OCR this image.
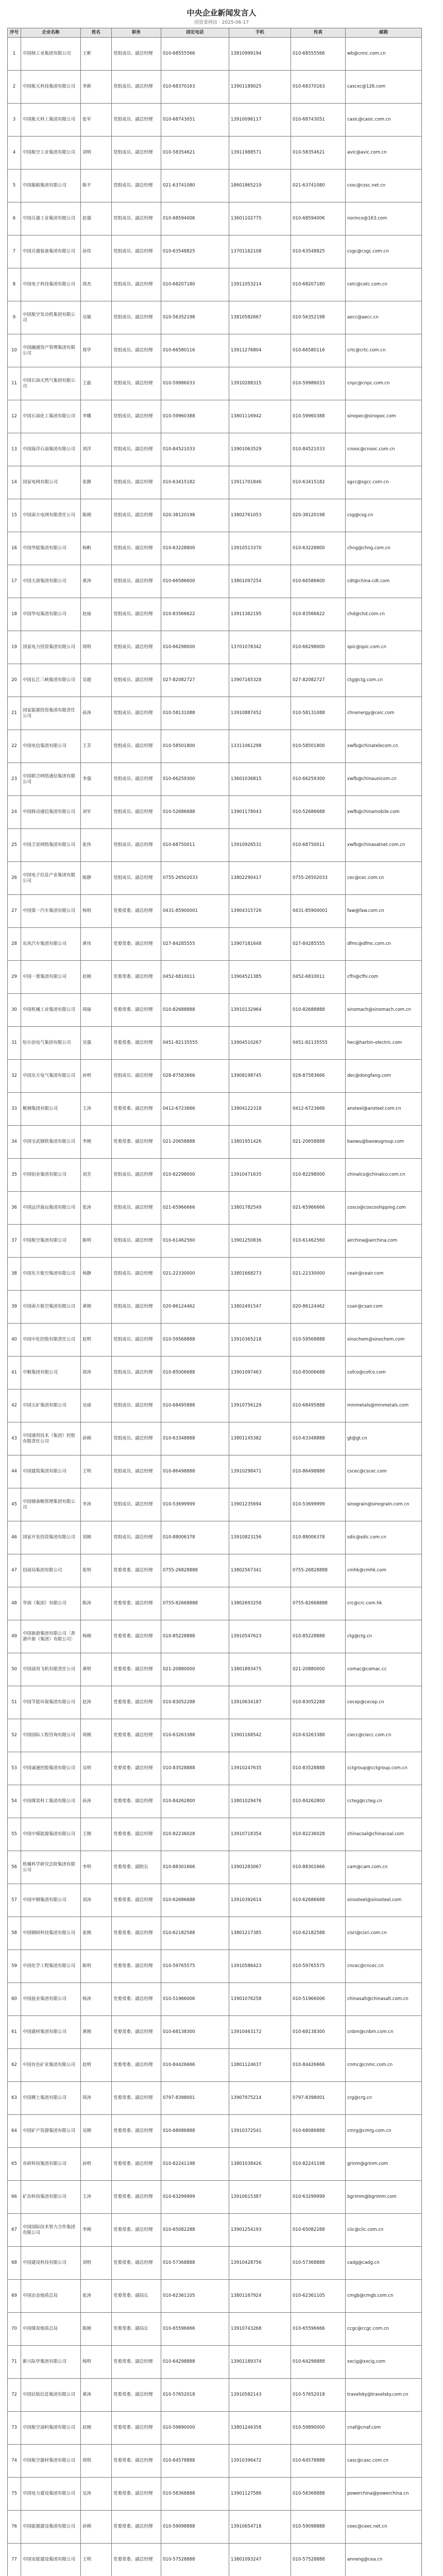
中央企业新闻发言人
国资委网站 · 2025-06-17
序号	企业名称	姓名	职务	固定电话	手机	传真	邮箱
1	中国核工业集团有限公司	王彬	党组成员、副总经理	010-68555566	13810999194	010-68555566	wb@cnnc.com.cn
2	中国航天科技集团有限公司	李新	党组成员、副总经理	010-68370163	13901189025	010-68370163	cascxc@126.com
3	中国航天科工集团有限公司	张军	党组成员、副总经理	010-68743051	13910096117	010-68743051	casic@casic.com.cn
4	中国航空工业集团有限公司	刘明	党组成员、副总经理	010-58354621	13911988571	010-58354621	avic@avic.com.cn
5	中国船舶集团有限公司	陈平	党组成员、副总经理	021-63741080	18601865219	021-63741080	cssc@cssc.net.cn
6	中国兵器工业集团有限公司	赵强	党组成员、副总经理	010-68594006	13601102775	010-68594006	norinco@163.com
7	中国兵器装备集团有限公司	孙伟	党组成员、副总经理	010-63548825	13701162108	010-63548825	csgc@csgc.com.cn
8	中国电子科技集团有限公司	周杰	党组成员、副总经理	010-68207180	13911053214	010-68207180	cetc@cetc.com.cn
9	中国航空发动机集团有限公司	吴敏	党组成员、副总经理	010-56352198	13810582667	010-56352198	aecc@aecc.cn
10	中国融通资产管理集团有限公司	郑华	党组成员、副总经理	010-66580116	13911276804	010-66580116	crtc@crtc.com.cn
11	中国石油天然气集团有限公司	王磊	党组成员、副总经理	010-59986033	13910288315	010-59986033	cnpc@cnpc.com.cn
12	中国石油化工集团有限公司	李娜	党组成员、副总经理	010-59960388	13801116942	010-59960388	sinopec@sinopec.com
13	中国海洋石油集团有限公司	刘洋	党组成员、副总经理	010-84521033	13901063529	010-84521033	cnooc@cnooc.com.cn
14	国家电网有限公司	张静	党组成员、副总经理	010-63415182	13911701846	010-63415182	sgcc@sgcc.com.cn
15	中国南方电网有限责任公司	陈刚	党组成员、副总经理	020-38120198	13802761053	020-38120198	csg@csg.cn
16	中国华能集团有限公司	杨帆	党组成员、副总经理	010-63228800	13910513370	010-63228800	chng@chng.com.cn
17	中国大唐集团有限公司	黄涛	党组成员、副总经理	010-66586600	13801097254	010-66586600	cdt@china-cdt.com
18	中国华电集团有限公司	赵丽	党组成员、副总经理	010-83566622	13911362195	010-83566622	chd@chd.com.cn
19	国家电力投资集团有限公司	周明	党组成员、副总经理	010-66298000	13701078342	010-66298000	spic@spic.com.cn
20	中国长江三峡集团有限公司	吴超	党组成员、副总经理	027-82082727	13907165328	027-82082727	ctg@ctg.com.cn
21	国家能源投资集团有限责任公司	孙涛	党组成员、副总经理	010-58131088	13910887452	010-58131088	chnenergy@ceic.com
22	中国电信集团有限公司	王芳	党组成员、副总经理	010-58501800	13311061298	010-58501800	xwfb@chinatelecom.cn
23	中国联合网络通信集团有限公司	李强	党组成员、副总经理	010-66259300	13601036815	010-66259300	xwfb@chinaunicom.cn
24	中国移动通信集团有限公司	刘军	党组成员、副总经理	010-52686688	13901178043	010-52686688	xwfb@chinamobile.com
25	中国卫星网络集团有限公司	张伟	党组成员、副总经理	010-68750011	13910926531	010-68750011	xwfb@chinasatnet.com.cn
26	中国电子信息产业集团有限公司	陈静	党组成员、副总经理	0755-26502033	13802290417	0755-26502033	cec@cec.com.cn
27	中国第一汽车集团有限公司	杨明	党委常委、副总经理	0431-85900001	13904315726	0431-85900001	faw@faw.com.cn
28	东风汽车集团有限公司	黄伟	党委常委、副总经理	027-84285555	13907181648	027-84285555	dfmc@dfmc.com.cn
29	中国一重集团有限公司	赵刚	党委常委、副总经理	0452-6810011	13904521385	0452-6810011	cfhi@cfhi.com
30	中国机械工业集团有限公司	周丽	党委常委、副总经理	010-82688888	13910132964	010-82688888	sinomach@sinomach.com.cn
31	哈尔滨电气集团有限公司	吴强	党委常委、副总经理	0451-82135555	13904510267	0451-82135555	hec@harbin-electric.com
32	中国东方电气集团有限公司	孙明	党组成员、副总经理	028-87583666	13908198745	028-87583666	dec@dongfang.com
33	鞍钢集团有限公司	王涛	党委常委、副总经理	0412-6723666	13904122318	0412-6723666	ansteel@ansteel.com.cn
34	中国宝武钢铁集团有限公司	李刚	党委常委、副总经理	021-20658888	13801951426	021-20658888	baowu@baowugroup.com
35	中国铝业集团有限公司	刘芳	党组成员、副总经理	010-82298000	13910471635	010-82298000	chinalco@chinalco.com.cn
36	中国远洋海运集团有限公司	张涛	党组成员、副总经理	021-65966666	13801782549	021-65966666	cosco@coscoshipping.com
37	中国航空集团有限公司	陈明	党组成员、副总经理	010-61462560	13901250836	010-61462560	airchina@airchina.com
38	中国东方航空集团有限公司	杨静	党组成员、副总经理	021-22330000	13801668273	021-22330000	ceair@ceair.com
39	中国南方航空集团有限公司	黄刚	党组成员、副总经理	020-86124462	13802491547	020-86124462	csair@csair.com
40	中国中化控股有限责任公司	赵明	党组成员、副总经理	010-59568888	13910365218	010-59568888	sinochem@sinochem.com
41	中粮集团有限公司	周涛	党组成员、副总经理	010-85006688	13901097463	010-85006688	cofco@cofco.com
42	中国五矿集团有限公司	吴丽	党组成员、副总经理	010-68495888	13910756129	010-68495888	minmetals@minmetals.com
43	中国通用技术（集团）控股有限责任公司	孙刚	党组成员、副总经理	010-63348888	13801145382	010-63348888	gt@gt.cn
44	中国建筑集团有限公司	王明	党组成员、副总经理	010-86498888	13910298471	010-86498888	cscec@cscec.com
45	中国储备粮管理集团有限公司	李涛	党组成员、副总经理	010-53699999	13901235694	010-53699999	sinograin@sinograin.com.cn
46	国家开发投资集团有限公司	刘刚	党组成员、副总经理	010-88006378	13910823156	010-88006378	sdic@sdic.com.cn
47	招商局集团有限公司	张明	党委常委、副总经理	0755-26828888	13802567341	0755-26828888	cmhk@cmhk.com
48	华润（集团）有限公司	陈涛	党委常委、副总经理	0755-82668888	13802693258	0755-82668888	crc@crc.com.hk
49	中国旅游集团有限公司〔香港中旅（集团）有限公司〕	杨刚	党委常委、副总经理	010-85228888	13910547623	010-85228888	ctg@ctg.cn
50	中国商用飞机有限责任公司	黄明	党委常委、副总经理	021-20880000	13801893475	021-20880000	comac@comac.cc
51	中国节能环保集团有限公司	赵涛	党委常委、副总经理	010-83052288	13910634187	010-83052288	cecep@cecep.cn
52	中国国际工程咨询有限公司	周刚	党委常委、副总经理	010-63263388	13901168542	010-63263388	ciecc@ciecc.com.cn
53	中国诚通控股集团有限公司	吴明	党委常委、副总经理	010-83528888	13910247635	010-83528888	cctgroup@cctgroup.com.cn
54	中国煤炭科工集团有限公司	孙涛	党委常委、副总经理	010-84262800	13801029476	010-84262800	ccteg@ccteg.cn
55	中国中煤能源集团有限公司	王刚	党委常委、副总经理	010-82236028	13910718354	010-82236028	chinacoal@chinacoal.com
56	机械科学研究总院集团有限公司	李明	党委常委、副院长	010-88301666	13901283067	010-88301666	cam@cam.com.cn
57	中国中钢集团有限公司	刘涛	党委常委、副总经理	010-62686688	13910392614	010-62686688	sinosteel@sinosteel.com
58	中国钢研科技集团有限公司	张刚	党委常委、副总经理	010-62182588	13801217385	010-62182588	cisri@cisri.com.cn
59	中国化学工程集团有限公司	陈明	党委常委、副总经理	010-59765575	13910586423	010-59765575	cncec@cncec.cn
60	中国盐业集团有限公司	杨涛	党委常委、副总经理	010-51966006	13901076258	010-51966006	chinasalt@chinasalt.com.cn
61	中国建材集团有限公司	黄刚	党委常委、副总经理	010-68138300	13910463172	010-68138300	cnbm@cnbm.com.cn
62	中国有色矿业集团有限公司	赵明	党委常委、副总经理	010-84426666	13801124637	010-84426666	cnmc@cnmc.com.cn
63	中国稀土集团有限公司	周涛	党委常委、副总经理	0797-8398001	13907975214	0797-8398001	crg@crg.cn
64	中国矿产资源集团有限公司	吴刚	党委常委、副总经理	010-68086888	13910372541	010-68086888	cmrg@cmrg.com.cn
65	有研科技集团有限公司	孙明	党委常委、副总经理	010-82241198	13801038426	010-82241198	grinm@grinm.com
66	矿冶科技集团有限公司	王涛	党委常委、副总经理	010-63299999	13910615387	010-63299999	bgrimm@bgrimm.com
67	中国国际技术智力合作集团有限公司	李刚	党委常委、副总经理	010-65082288	13901254193	010-65082288	ciic@ciic.com.cn
68	中国建设科技有限公司	刘明	党委常委、副总经理	010-57368888	13910428756	010-57368888	cadg@cadg.cn
69	中国冶金地质总局	张涛	党委常委、副局长	010-62361105	13801167924	010-62361105	cmgb@cmgb.com.cn
70	中国煤炭地质总局	陈刚	党委常委、副局长	010-65596666	13910743268	010-65596666	ccgc@ccgc.com.cn
71	新兴际华集团有限公司	杨明	党委常委、副总经理	010-64298888	13901189374	010-64298888	xxcig@xxcig.com
72	中国民航信息集团有限公司	黄涛	党委常委、副总经理	010-57652018	13910582143	010-57652018	travelsky@travelsky.com.cn
73	中国航空油料集团有限公司	赵刚	党委常委、副总经理	010-59890000	13801246358	010-59890000	cnaf@cnaf.com
74	中国航空器材集团有限公司	周明	党委常委、副总经理	010-64578888	13910396472	010-64578888	casc@casc.com.cn
75	中国电力建设集团有限公司	吴涛	党委常委、副总经理	010-58368888	13901127586	010-58368888	powerchina@powerchina.cn
76	中国能源建设集团有限公司	孙刚	党委常委、副总经理	010-59098888	13910654718	010-59098888	ceec@ceec.net.cn
77	中国安能建设集团有限公司	王明	党委常委、副总经理	010-57528888	13801093247	010-57528888	anneng@cea.cn
